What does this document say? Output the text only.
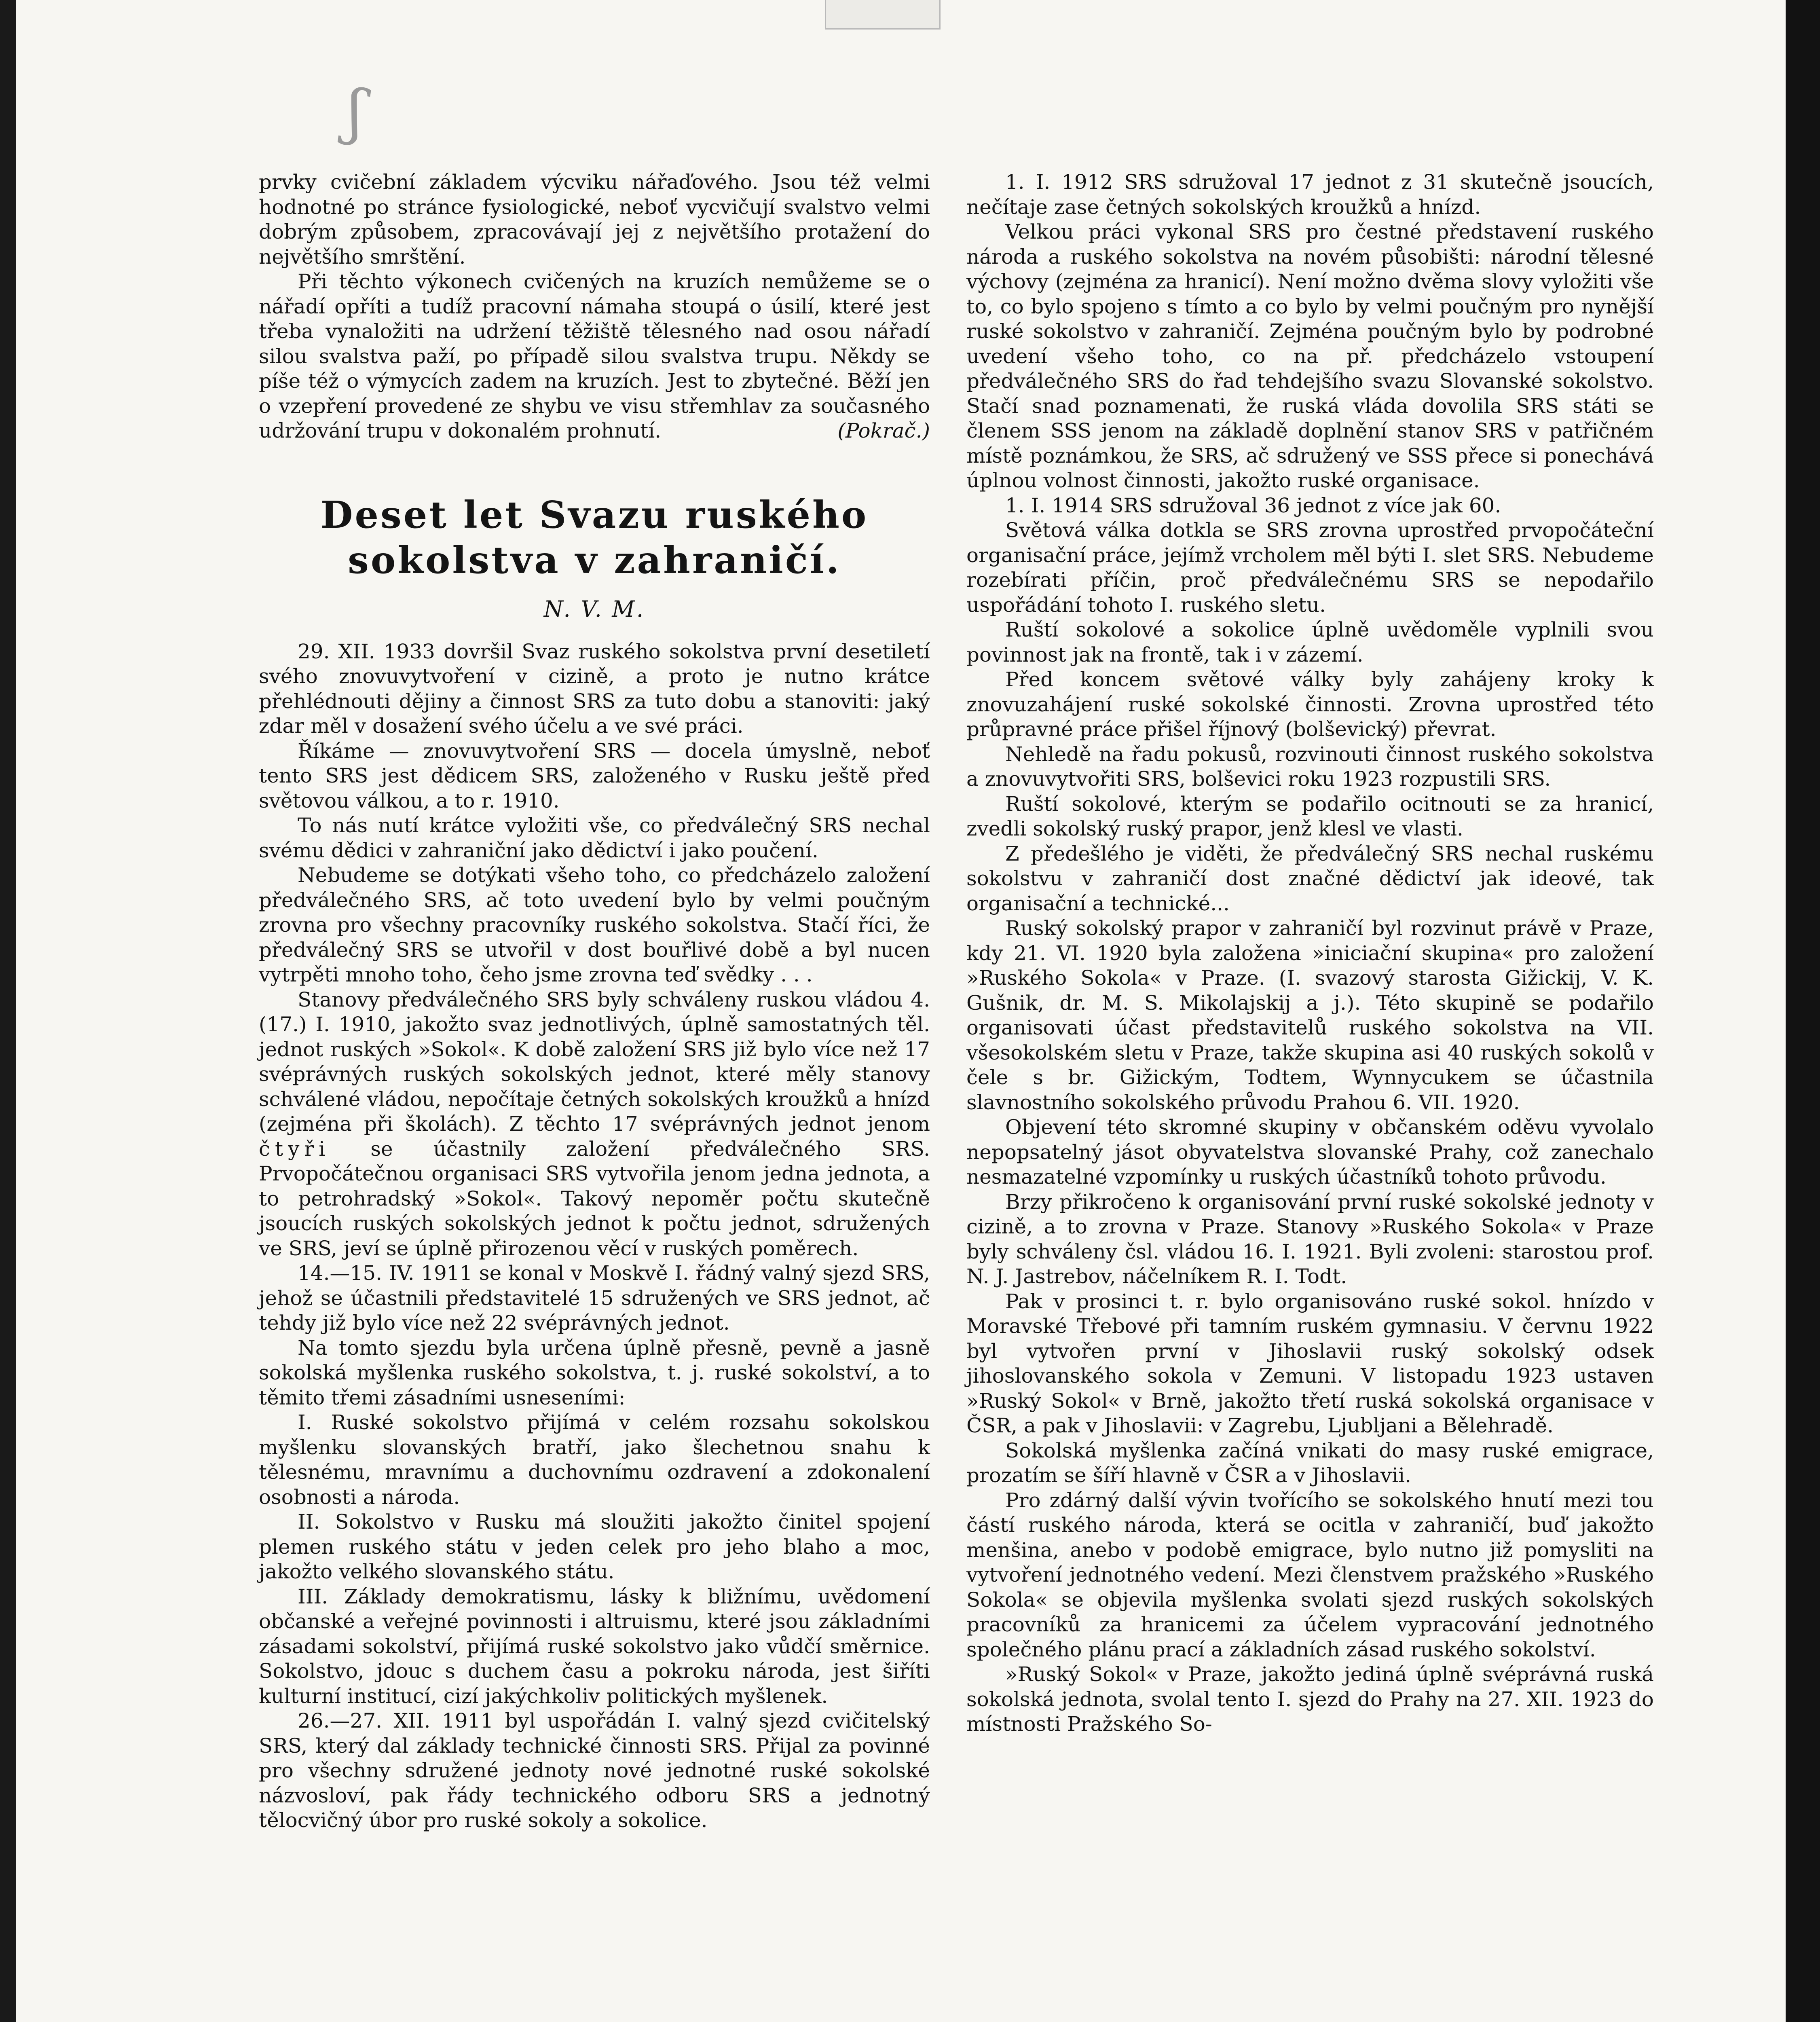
ʃ

prvky cvičební základem výcviku nářaďového. Jsou též velmi hodnotné po stránce fysiologické, neboť vycvičují svalstvo velmi dobrým způsobem, zpracovávají jej z největšího protažení do největšího smrštění.

Při těchto výkonech cvičených na kruzích nemůžeme se o nářadí opříti a tudíž pracovní námaha stoupá o úsilí, které jest třeba vynaložiti na udržení těžiště tělesného nad osou nářadí silou svalstva paží, po případě silou svalstva trupu. Někdy se píše též o výmycích zadem na kruzích. Jest to zbytečné. Běží jen o vzepření provedené ze shybu ve visu střemhlav za současného udržování trupu v dokonalém prohnutí.	(Pokrač.)

Deset let Svazu ruského
sokolstva v zahraničí.
N. V. M.

29. XII. 1933 dovršil Svaz ruského sokolstva první desetiletí svého znovuvytvoření v cizině, a proto je nutno krátce přehlédnouti dějiny a činnost SRS za tuto dobu a stanoviti: jaký zdar měl v dosažení svého účelu a ve své práci.

Říkáme — znovuvytvoření SRS — docela úmyslně, neboť tento SRS jest dědicem SRS, založeného v Rusku ještě před světovou válkou, a to r. 1910.

To nás nutí krátce vyložiti vše, co předválečný SRS nechal svému dědici v zahraniční jako dědictví i jako poučení.

Nebudeme se dotýkati všeho toho, co předcházelo založení předválečného SRS, ač toto uvedení bylo by velmi poučným zrovna pro všechny pracovníky ruského sokolstva. Stačí říci, že předválečný SRS se utvořil v dost bouřlivé době a byl nucen vytrpěti mnoho toho, čeho jsme zrovna teď svědky . . .

Stanovy předválečného SRS byly schváleny ruskou vládou 4. (17.) I. 1910, jakožto svaz jednotlivých, úplně samostatných těl. jednot ruských »Sokol«. K době založení SRS již bylo více než 17 svéprávných ruských sokolských jednot, které měly stanovy schválené vládou, nepočítaje četných sokolských kroužků a hnízd (zejména při školách). Z těchto 17 svéprávných jednot jenom čtyři se účastnily založení předválečného SRS. Prvopočátečnou organisaci SRS vytvořila jenom jedna jednota, a to petrohradský »Sokol«. Takový nepoměr počtu skutečně jsoucích ruských sokolských jednot k počtu jednot, sdružených ve SRS, jeví se úplně přirozenou věcí v ruských poměrech.

14.—15. IV. 1911 se konal v Moskvě I. řádný valný sjezd SRS, jehož se účastnili představitelé 15 sdružených ve SRS jednot, ač tehdy již bylo více než 22 svéprávných jednot.

Na tomto sjezdu byla určena úplně přesně, pevně a jasně sokolská myšlenka ruského sokolstva, t. j. ruské sokolství, a to těmito třemi zásadními usneseními:

I. Ruské sokolstvo přijímá v celém rozsahu sokolskou myšlenku slovanských bratří, jako šlechetnou snahu k tělesnému, mravnímu a duchovnímu ozdravení a zdokonalení osobnosti a národa.

II. Sokolstvo v Rusku má sloužiti jakožto činitel spojení plemen ruského státu v jeden celek pro jeho blaho a moc, jakožto velkého slovanského státu.

III. Základy demokratismu, lásky k bližnímu, uvědomení občanské a veřejné povinnosti i altruismu, které jsou základními zásadami sokolství, přijímá ruské sokolstvo jako vůdčí směrnice. Sokolstvo, jdouc s duchem času a pokroku národa, jest šiříti kulturní institucí, cizí jakýchkoliv politických myšlenek.

26.—27. XII. 1911 byl uspořádán I. valný sjezd cvičitelský SRS, který dal základy technické činnosti SRS. Přijal za povinné pro všechny sdružené jednoty nové jednotné ruské sokolské názvosloví, pak řády technického odboru SRS a jednotný tělocvičný úbor pro ruské sokoly a sokolice.

1. I. 1912 SRS sdružoval 17 jednot z 31 skutečně jsoucích, nečítaje zase četných sokolských kroužků a hnízd.

Velkou práci vykonal SRS pro čestné představení ruského národa a ruského sokolstva na novém působišti: národní tělesné výchovy (zejména za hranicí). Není možno dvěma slovy vyložiti vše to, co bylo spojeno s tímto a co bylo by velmi poučným pro nynější ruské sokolstvo v zahraničí. Zejména poučným bylo by podrobné uvedení všeho toho, co na př. předcházelo vstoupení předválečného SRS do řad tehdejšího svazu Slovanské sokolstvo. Stačí snad poznamenati, že ruská vláda dovolila SRS státi se členem SSS jenom na základě doplnění stanov SRS v patřičném místě poznámkou, že SRS, ač sdružený ve SSS přece si ponechává úplnou volnost činnosti, jakožto ruské organisace.

1. I. 1914 SRS sdružoval 36 jednot z více jak 60.

Světová válka dotkla se SRS zrovna uprostřed prvopočáteční organisační práce, jejímž vrcholem měl býti I. slet SRS. Nebudeme rozebírati příčin, proč předválečnému SRS se nepodařilo uspořádání tohoto I. ruského sletu.

Ruští sokolové a sokolice úplně uvědoměle vyplnili svou povinnost jak na frontě, tak i v zázemí.

Před koncem světové války byly zahájeny kroky k znovuzahájení ruské sokolské činnosti. Zrovna uprostřed této průpravné práce přišel říjnový (bolševický) převrat.

Nehledě na řadu pokusů, rozvinouti činnost ruského sokolstva a znovuvytvořiti SRS, bolševici roku 1923 rozpustili SRS.

Ruští sokolové, kterým se podařilo ocitnouti se za hranicí, zvedli sokolský ruský prapor, jenž klesl ve vlasti.

Z předešlého je viděti, že předválečný SRS nechal ruskému sokolstvu v zahraničí dost značné dědictví jak ideové, tak organisační a technické...

Ruský sokolský prapor v zahraničí byl rozvinut právě v Praze, kdy 21. VI. 1920 byla založena »iniciační skupina« pro založení »Ruského Sokola« v Praze. (I. svazový starosta Gižickij, V. K. Gušnik, dr. M. S. Mikolajskij a j.). Této skupině se podařilo organisovati účast představitelů ruského sokolstva na VII. všesokolském sletu v Praze, takže skupina asi 40 ruských sokolů v čele s br. Gižickým, Todtem, Wynnycukem se účastnila slavnostního sokolského průvodu Prahou 6. VII. 1920.

Objevení této skromné skupiny v občanském oděvu vyvolalo nepopsatelný jásot obyvatelstva slovanské Prahy, což zanechalo nesmazatelné vzpomínky u ruských účastníků tohoto průvodu.

Brzy přikročeno k organisování první ruské sokolské jednoty v cizině, a to zrovna v Praze. Stanovy »Ruského Sokola« v Praze byly schváleny čsl. vládou 16. I. 1921. Byli zvoleni: starostou prof. N. J. Jastrebov, náčelníkem R. I. Todt.

Pak v prosinci t. r. bylo organisováno ruské sokol. hnízdo v Moravské Třebové při tamním ruském gymnasiu. V červnu 1922 byl vytvořen první v Jihoslavii ruský sokolský odsek jihoslovanského sokola v Zemuni. V listopadu 1923 ustaven »Ruský Sokol« v Brně, jakožto třetí ruská sokolská organisace v ČSR, a pak v Jihoslavii: v Zagrebu, Ljubljani a Bělehradě.

Sokolská myšlenka začíná vnikati do masy ruské emigrace, prozatím se šíří hlavně v ČSR a v Jihoslavii.

Pro zdárný další vývin tvořícího se sokolského hnutí mezi tou částí ruského národa, která se ocitla v zahraničí, buď jakožto menšina, anebo v podobě emigrace, bylo nutno již pomysliti na vytvoření jednotného vedení. Mezi členstvem pražského »Ruského Sokola« se objevila myšlenka svolati sjezd ruských sokolských pracovníků za hranicemi za účelem vypracování jednotného společného plánu prací a základních zásad ruského sokolství.

»Ruský Sokol« v Praze, jakožto jediná úplně svéprávná ruská sokolská jednota, svolal tento I. sjezd do Prahy na 27. XII. 1923 do místnosti Pražského So-
